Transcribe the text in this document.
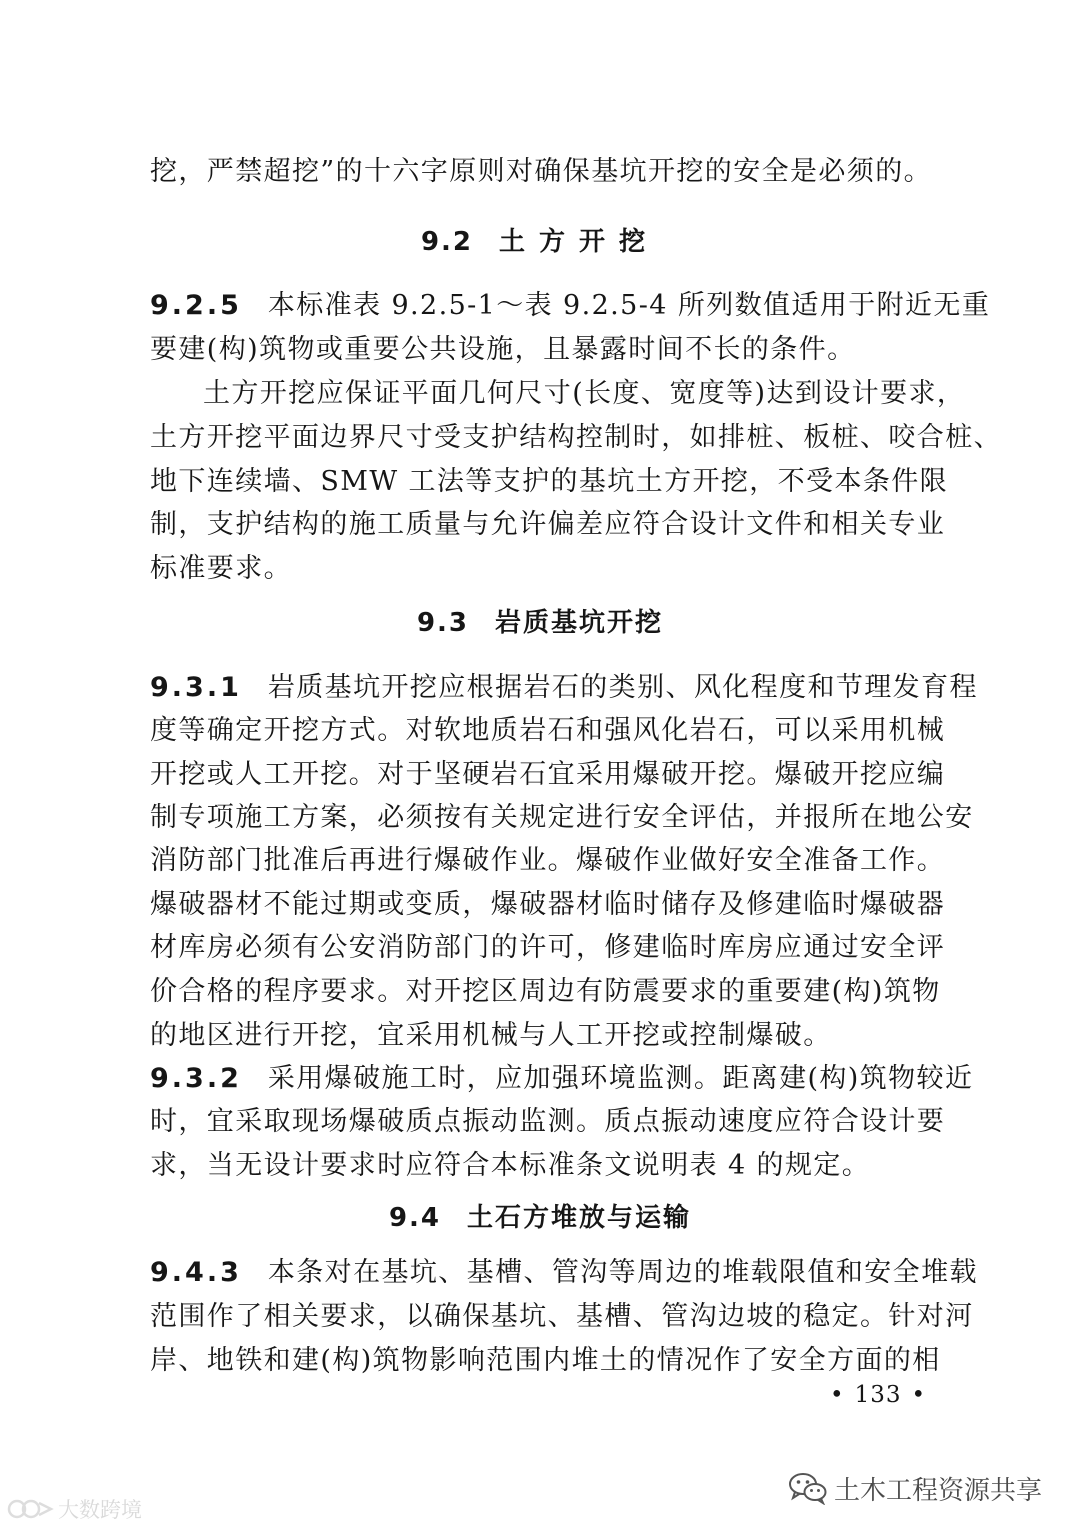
挖，严禁超挖”的十六字原则对确保基坑开挖的安全是必须的。
9.2 土方开挖
9.2.5 本标准表 9.2.5-1～表 9.2.5-4 所列数值适用于附近无重
要建(构)筑物或重要公共设施，且暴露时间不长的条件。
土方开挖应保证平面几何尺寸(长度、宽度等)达到设计要求，
土方开挖平面边界尺寸受支护结构控制时，如排桩、板桩、咬合桩、
地下连续墙、SMW 工法等支护的基坑土方开挖，不受本条件限
制，支护结构的施工质量与允许偏差应符合设计文件和相关专业
标准要求。
9.3 岩质基坑开挖
9.3.1 岩质基坑开挖应根据岩石的类别、风化程度和节理发育程
度等确定开挖方式。对软地质岩石和强风化岩石，可以采用机械
开挖或人工开挖。对于坚硬岩石宜采用爆破开挖。爆破开挖应编
制专项施工方案，必须按有关规定进行安全评估，并报所在地公安
消防部门批准后再进行爆破作业。爆破作业做好安全准备工作。
爆破器材不能过期或变质，爆破器材临时储存及修建临时爆破器
材库房必须有公安消防部门的许可，修建临时库房应通过安全评
价合格的程序要求。对开挖区周边有防震要求的重要建(构)筑物
的地区进行开挖，宜采用机械与人工开挖或控制爆破。
9.3.2 采用爆破施工时，应加强环境监测。距离建(构)筑物较近
时，宜采取现场爆破质点振动监测。质点振动速度应符合设计要
求，当无设计要求时应符合本标准条文说明表 4 的规定。
9.4 土石方堆放与运输
9.4.3 本条对在基坑、基槽、管沟等周边的堆载限值和安全堆载
范围作了相关要求，以确保基坑、基槽、管沟边坡的稳定。针对河
岸、地铁和建(构)筑物影响范围内堆土的情况作了安全方面的相
• 133 •
土木工程资源共享
大数跨境
